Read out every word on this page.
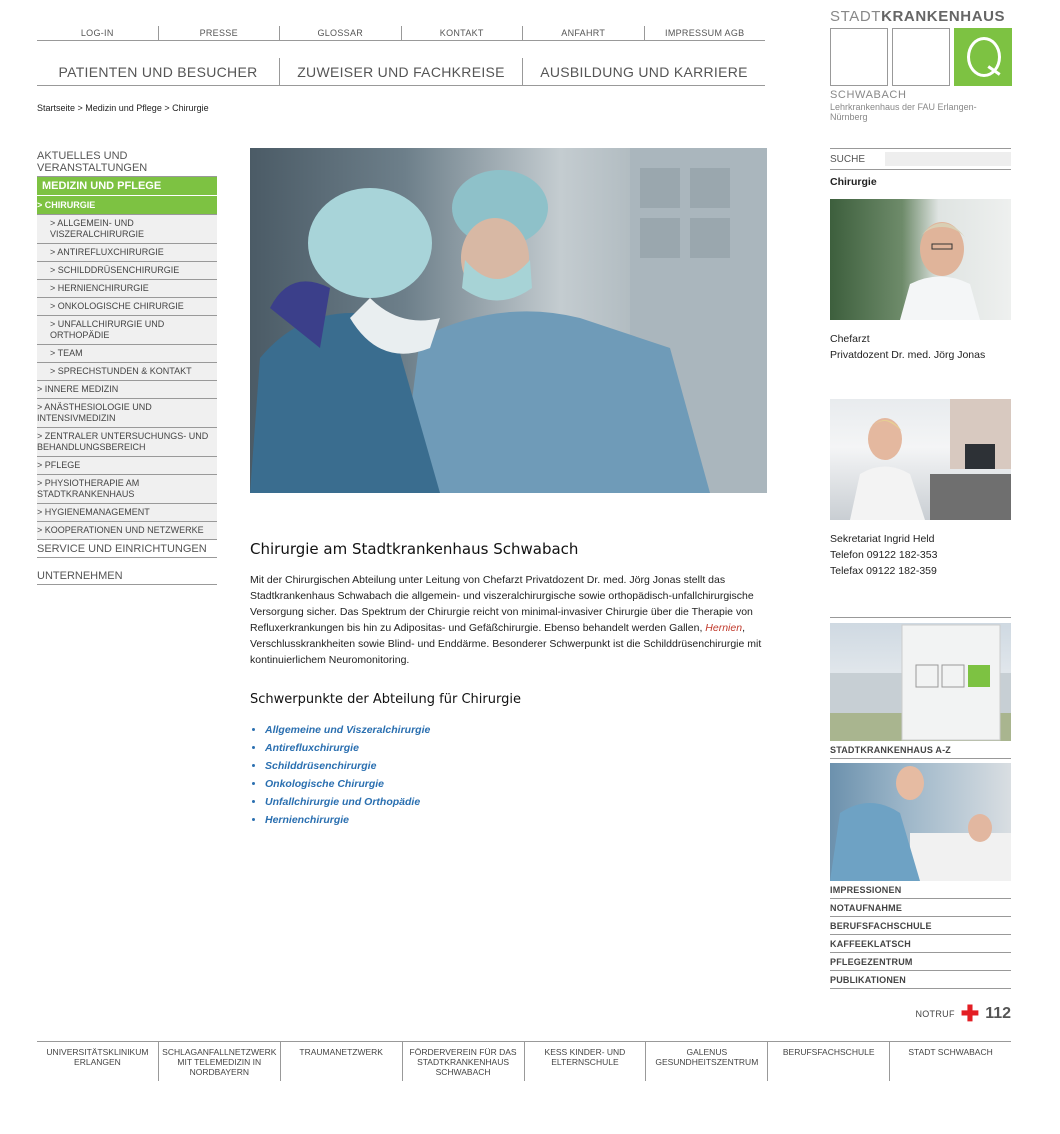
LOG-IN	PRESSE	GLOSSAR	KONTAKT	ANFAHRT	IMPRESSUM AGB
PATIENTEN UND BESUCHER	ZUWEISER UND FACHKREISE	AUSBILDUNG UND KARRIERE
STADTKRANKENHAUS
SCHWABACH
Lehrkrankenhaus der FAU Erlangen-Nürnberg
Startseite > Medizin und Pflege > Chirurgie
AKTUELLES UND VERANSTALTUNGEN
MEDIZIN UND PFLEGE
> CHIRURGIE
> ALLGEMEIN- UND VISZERALCHIRURGIE
> ANTIREFLUXCHIRURGIE
> SCHILDDRÜSENCHIRURGIE
> HERNIENCHIRURGIE
> ONKOLOGISCHE CHIRURGIE
> UNFALLCHIRURGIE UND ORTHOPÄDIE
> TEAM
> SPRECHSTUNDEN & KONTAKT
> INNERE MEDIZIN
> ANÄSTHESIOLOGIE UND INTENSIVMEDIZIN
> ZENTRALER UNTERSUCHUNGS- UND BEHANDLUNGSBEREICH
> PFLEGE
> PHYSIOTHERAPIE AM STADTKRANKENHAUS
> HYGIENEMANAGEMENT
> KOOPERATIONEN UND NETZWERKE
SERVICE UND EINRICHTUNGEN
UNTERNEHMEN
Chirurgie am Stadtkrankenhaus Schwabach

Mit der Chirurgischen Abteilung unter Leitung von Chefarzt Privatdozent Dr. med. Jörg Jonas stellt das Stadtkrankenhaus Schwabach die allgemein- und viszeralchirurgische sowie orthopädisch-unfallchirurgische Versorgung sicher. Das Spektrum der Chirurgie reicht von minimal-invasiver Chirurgie über die Therapie von Refluxerkrankungen bis hin zu Adipositas- und Gefäßchirurgie. Ebenso behandelt werden Gallen, Hernien, Verschlusskrankheiten sowie Blind- und Enddärme. Besonderer Schwerpunkt ist die Schilddrüsenchirurgie mit kontinuierlichem Neuromonitoring.

Schwerpunkte der Abteilung für Chirurgie
• Allgemeine und Viszeralchirurgie
• Antirefluxchirurgie
• Schilddrüsenchirurgie
• Onkologische Chirurgie
• Unfallchirurgie und Orthopädie
• Hernienchirurgie
SUCHE
Chirurgie
Chefarzt
Privatdozent Dr. med. Jörg Jonas
Sekretariat Ingrid Held
Telefon 09122 182-353
Telefax 09122 182-359
STADTKRANKENHAUS A-Z
IMPRESSIONEN
NOTAUFNAHME
BERUFSFACHSCHULE
KAFFEEKLATSCH
PFLEGEZENTRUM
PUBLIKATIONEN
NOTRUF ✚ 112
UNIVERSITÄTSKLINIKUM ERLANGEN
SCHLAGANFALLNETZWERK MIT TELEMEDIZIN IN NORDBAYERN
TRAUMANETZWERK	FÖRDERVEREIN FÜR DAS STADTKRANKENHAUS SCHWABACH
KESS KINDER- UND ELTERNSCHULE
GALENUS GESUNDHEITSZENTRUM
BERUFSFACHSCHULE	STADT SCHWABACH
